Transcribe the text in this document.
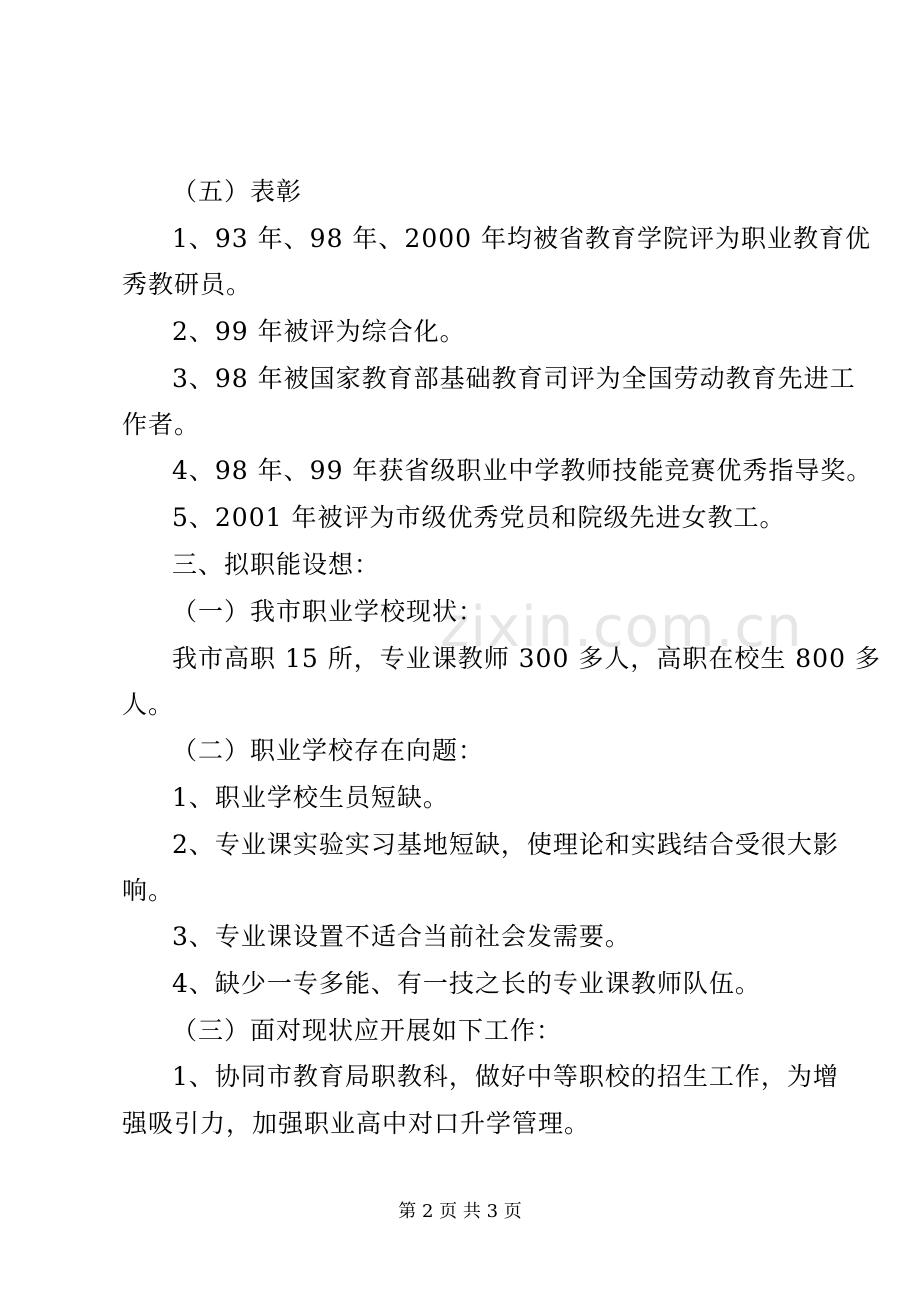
zixin.com.cn
（五）表彰
1、93 年、98 年、2000 年均被省教育学院评为职业教育优
秀教研员。
2、99 年被评为综合化。
3、98 年被国家教育部基础教育司评为全国劳动教育先进工
作者。
4、98 年、99 年获省级职业中学教师技能竞赛优秀指导奖。
5、2001 年被评为市级优秀党员和院级先进女教工。
三、拟职能设想：
（一）我市职业学校现状：
我市高职 15 所，专业课教师 300 多人，高职在校生 800 多
人。
（二）职业学校存在向题：
1、职业学校生员短缺。
2、专业课实验实习基地短缺，使理论和实践结合受很大影
响。
3、专业课设置不适合当前社会发需要。
4、缺少一专多能、有一技之长的专业课教师队伍。
（三）面对现状应开展如下工作：
1、协同市教育局职教科，做好中等职校的招生工作，为增
强吸引力，加强职业高中对口升学管理。
第 2 页 共 3 页
